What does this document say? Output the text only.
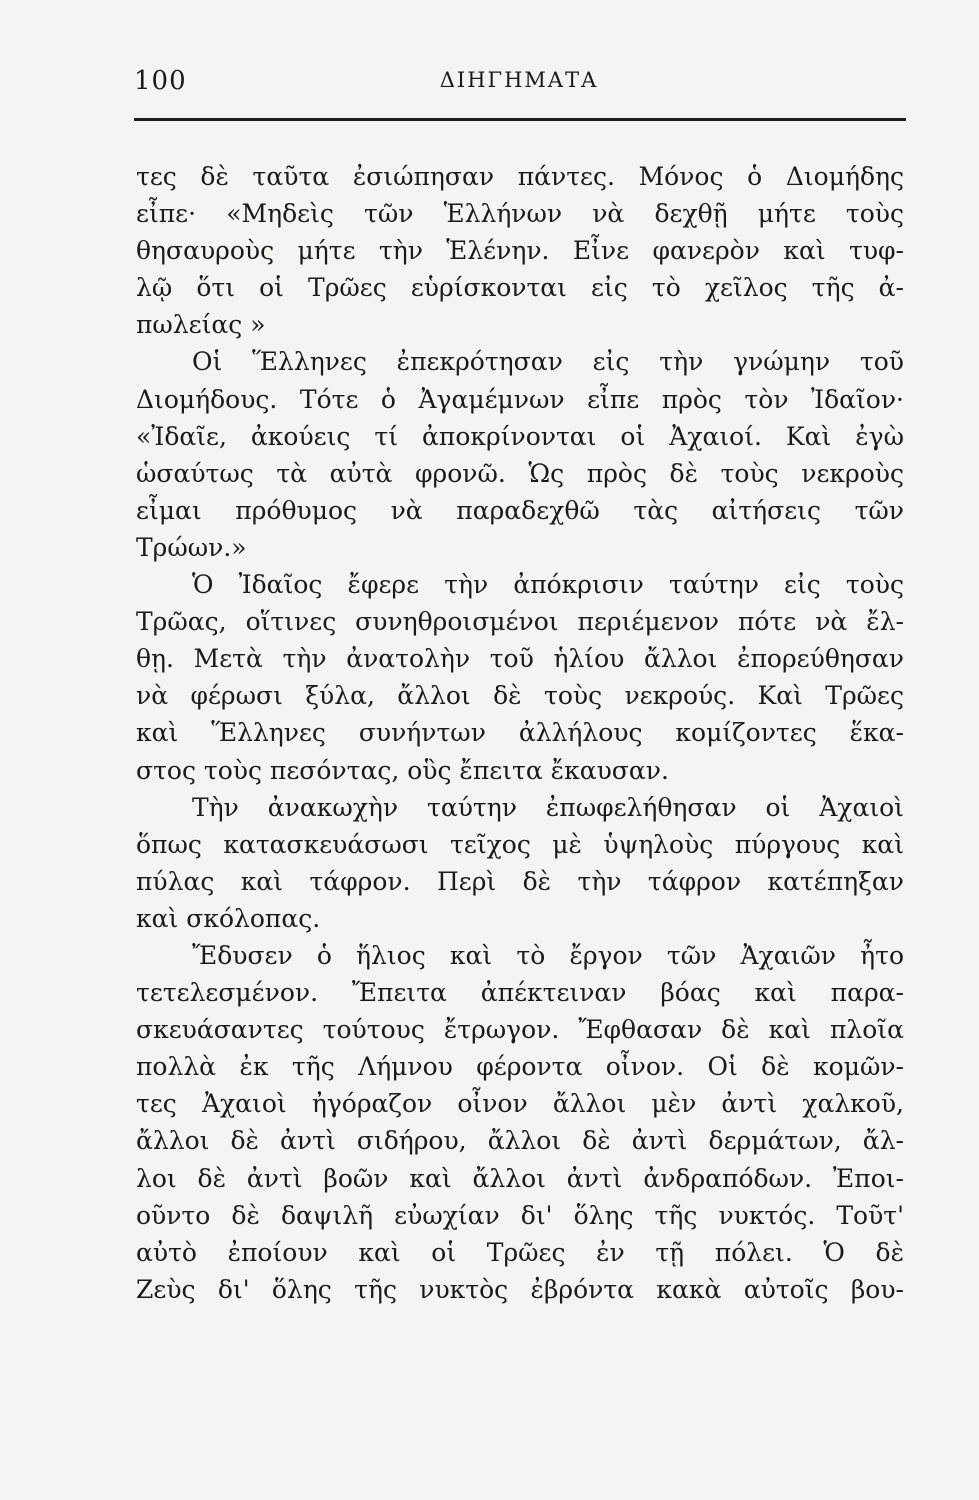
100	ΔΙΗΓΗΜΑΤΑ
τες δὲ ταῦτα ἐσιώπησαν πάντες. Μόνος ὁ Διομήδης
εἶπε· «Μηδεὶς τῶν Ἑλλήνων νὰ δεχθῇ μήτε τοὺς
θησαυροὺς μήτε τὴν Ἑλένην. Εἶνε φανερὸν καὶ τυφ-
λῷ ὅτι οἱ Τρῶες εὑρίσκονται εἰς τὸ χεῖλος τῆς ἀ-
πωλείας »
Οἱ Ἕλληνες ἐπεκρότησαν εἰς τὴν γνώμην τοῦ
Διομήδους. Τότε ὁ Ἀγαμέμνων εἶπε πρὸς τὸν Ἰδαῖον·
«Ἰδαῖε, ἀκούεις τί ἀποκρίνονται οἱ Ἀχαιοί. Καὶ ἐγὼ
ὡσαύτως τὰ αὐτὰ φρονῶ. Ὡς πρὸς δὲ τοὺς νεκροὺς
εἶμαι πρόθυμος νὰ παραδεχθῶ τὰς αἰτήσεις τῶν
Τρώων.»
Ὁ Ἰδαῖος ἔφερε τὴν ἀπόκρισιν ταύτην εἰς τοὺς
Τρῶας, οἵτινες συνηθροισμένοι περιέμενον πότε νὰ ἔλ-
θῃ. Μετὰ τὴν ἀνατολὴν τοῦ ἡλίου ἄλλοι ἐπορεύθησαν
νὰ φέρωσι ξύλα, ἄλλοι δὲ τοὺς νεκρούς. Καὶ Τρῶες
καὶ Ἕλληνες συνήντων ἀλλήλους κομίζοντες ἕκα-
στος τοὺς πεσόντας, οὓς ἔπειτα ἔκαυσαν.
Τὴν ἀνακωχὴν ταύτην ἐπωφελήθησαν οἱ Ἀχαιοὶ
ὅπως κατασκευάσωσι τεῖχος μὲ ὑψηλοὺς πύργους καὶ
πύλας καὶ τάφρον. Περὶ δὲ τὴν τάφρον κατέπηξαν
καὶ σκόλοπας.
Ἔδυσεν ὁ ἥλιος καὶ τὸ ἔργον τῶν Ἀχαιῶν ἦτο
τετελεσμένον. Ἔπειτα ἀπέκτειναν βόας καὶ παρα-
σκευάσαντες τούτους ἔτρωγον. Ἔφθασαν δὲ καὶ πλοῖα
πολλὰ ἐκ τῆς Λήμνου φέροντα οἶνον. Οἱ δὲ κομῶν-
τες Ἀχαιοὶ ἠγόραζον οἶνον ἄλλοι μὲν ἀντὶ χαλκοῦ,
ἄλλοι δὲ ἀντὶ σιδήρου, ἄλλοι δὲ ἀντὶ δερμάτων, ἄλ-
λοι δὲ ἀντὶ βοῶν καὶ ἄλλοι ἀντὶ ἀνδραπόδων. Ἐποι-
οῦντο δὲ δαψιλῆ εὐωχίαν δι' ὅλης τῆς νυκτός. Τοῦτ'
αὐτὸ ἐποίουν καὶ οἱ Τρῶες ἐν τῇ πόλει. Ὁ δὲ
Ζεὺς δι' ὅλης τῆς νυκτὸς ἐβρόντα κακὰ αὐτοῖς βου-
